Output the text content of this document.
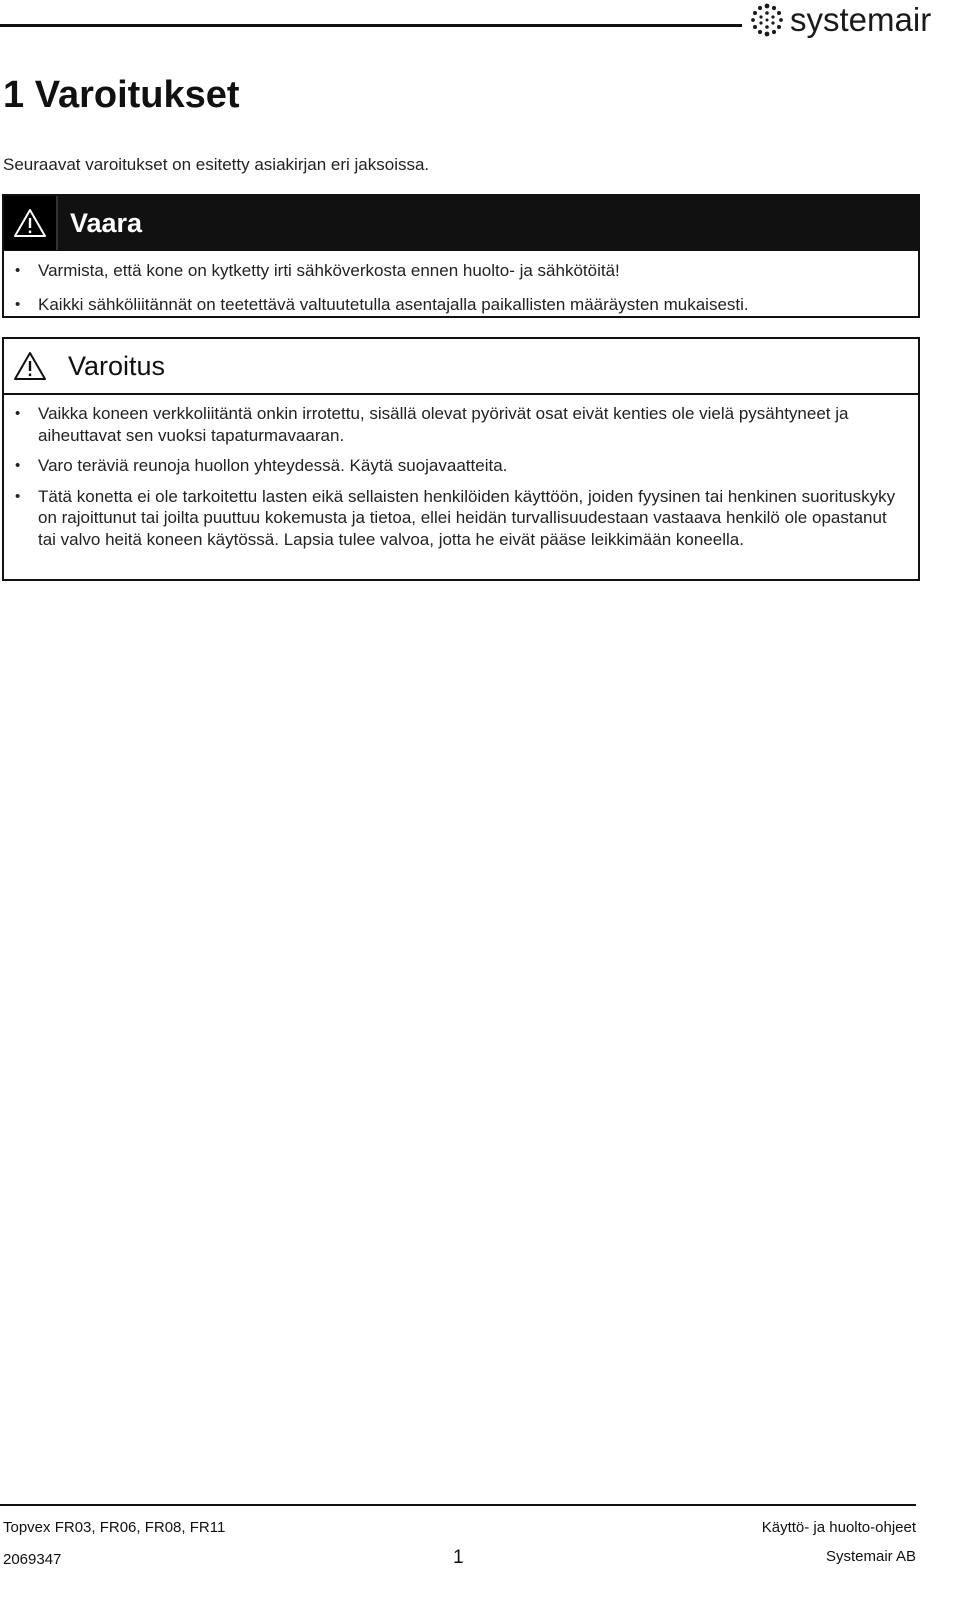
systemair
1 Varoitukset
Seuraavat varoitukset on esitetty asiakirjan eri jaksoissa.
Vaara
• Varmista, että kone on kytketty irti sähköverkosta ennen huolto- ja sähkötöitä!
• Kaikki sähköliitännät on teetettävä valtuutetulla asentajalla paikallisten määräysten mukaisesti.
Varoitus
• Vaikka koneen verkkoliitäntä onkin irrotettu, sisällä olevat pyörivät osat eivät kenties ole vielä pysähtyneet ja aiheuttavat sen vuoksi tapaturmavaaran.
• Varo teräviä reunoja huollon yhteydessä. Käytä suojavaatteita.
• Tätä konetta ei ole tarkoitettu lasten eikä sellaisten henkilöiden käyttöön, joiden fyysinen tai henkinen suorituskyky on rajoittunut tai joilta puuttuu kokemusta ja tietoa, ellei heidän turvallisuudestaan vastaava henkilö ole opastanut tai valvo heitä koneen käytössä. Lapsia tulee valvoa, jotta he eivät pääse leikkimään koneella.
Topvex FR03, FR06, FR08, FR11	Käyttö- ja huolto-ohjeet
2069347	1	Systemair AB
